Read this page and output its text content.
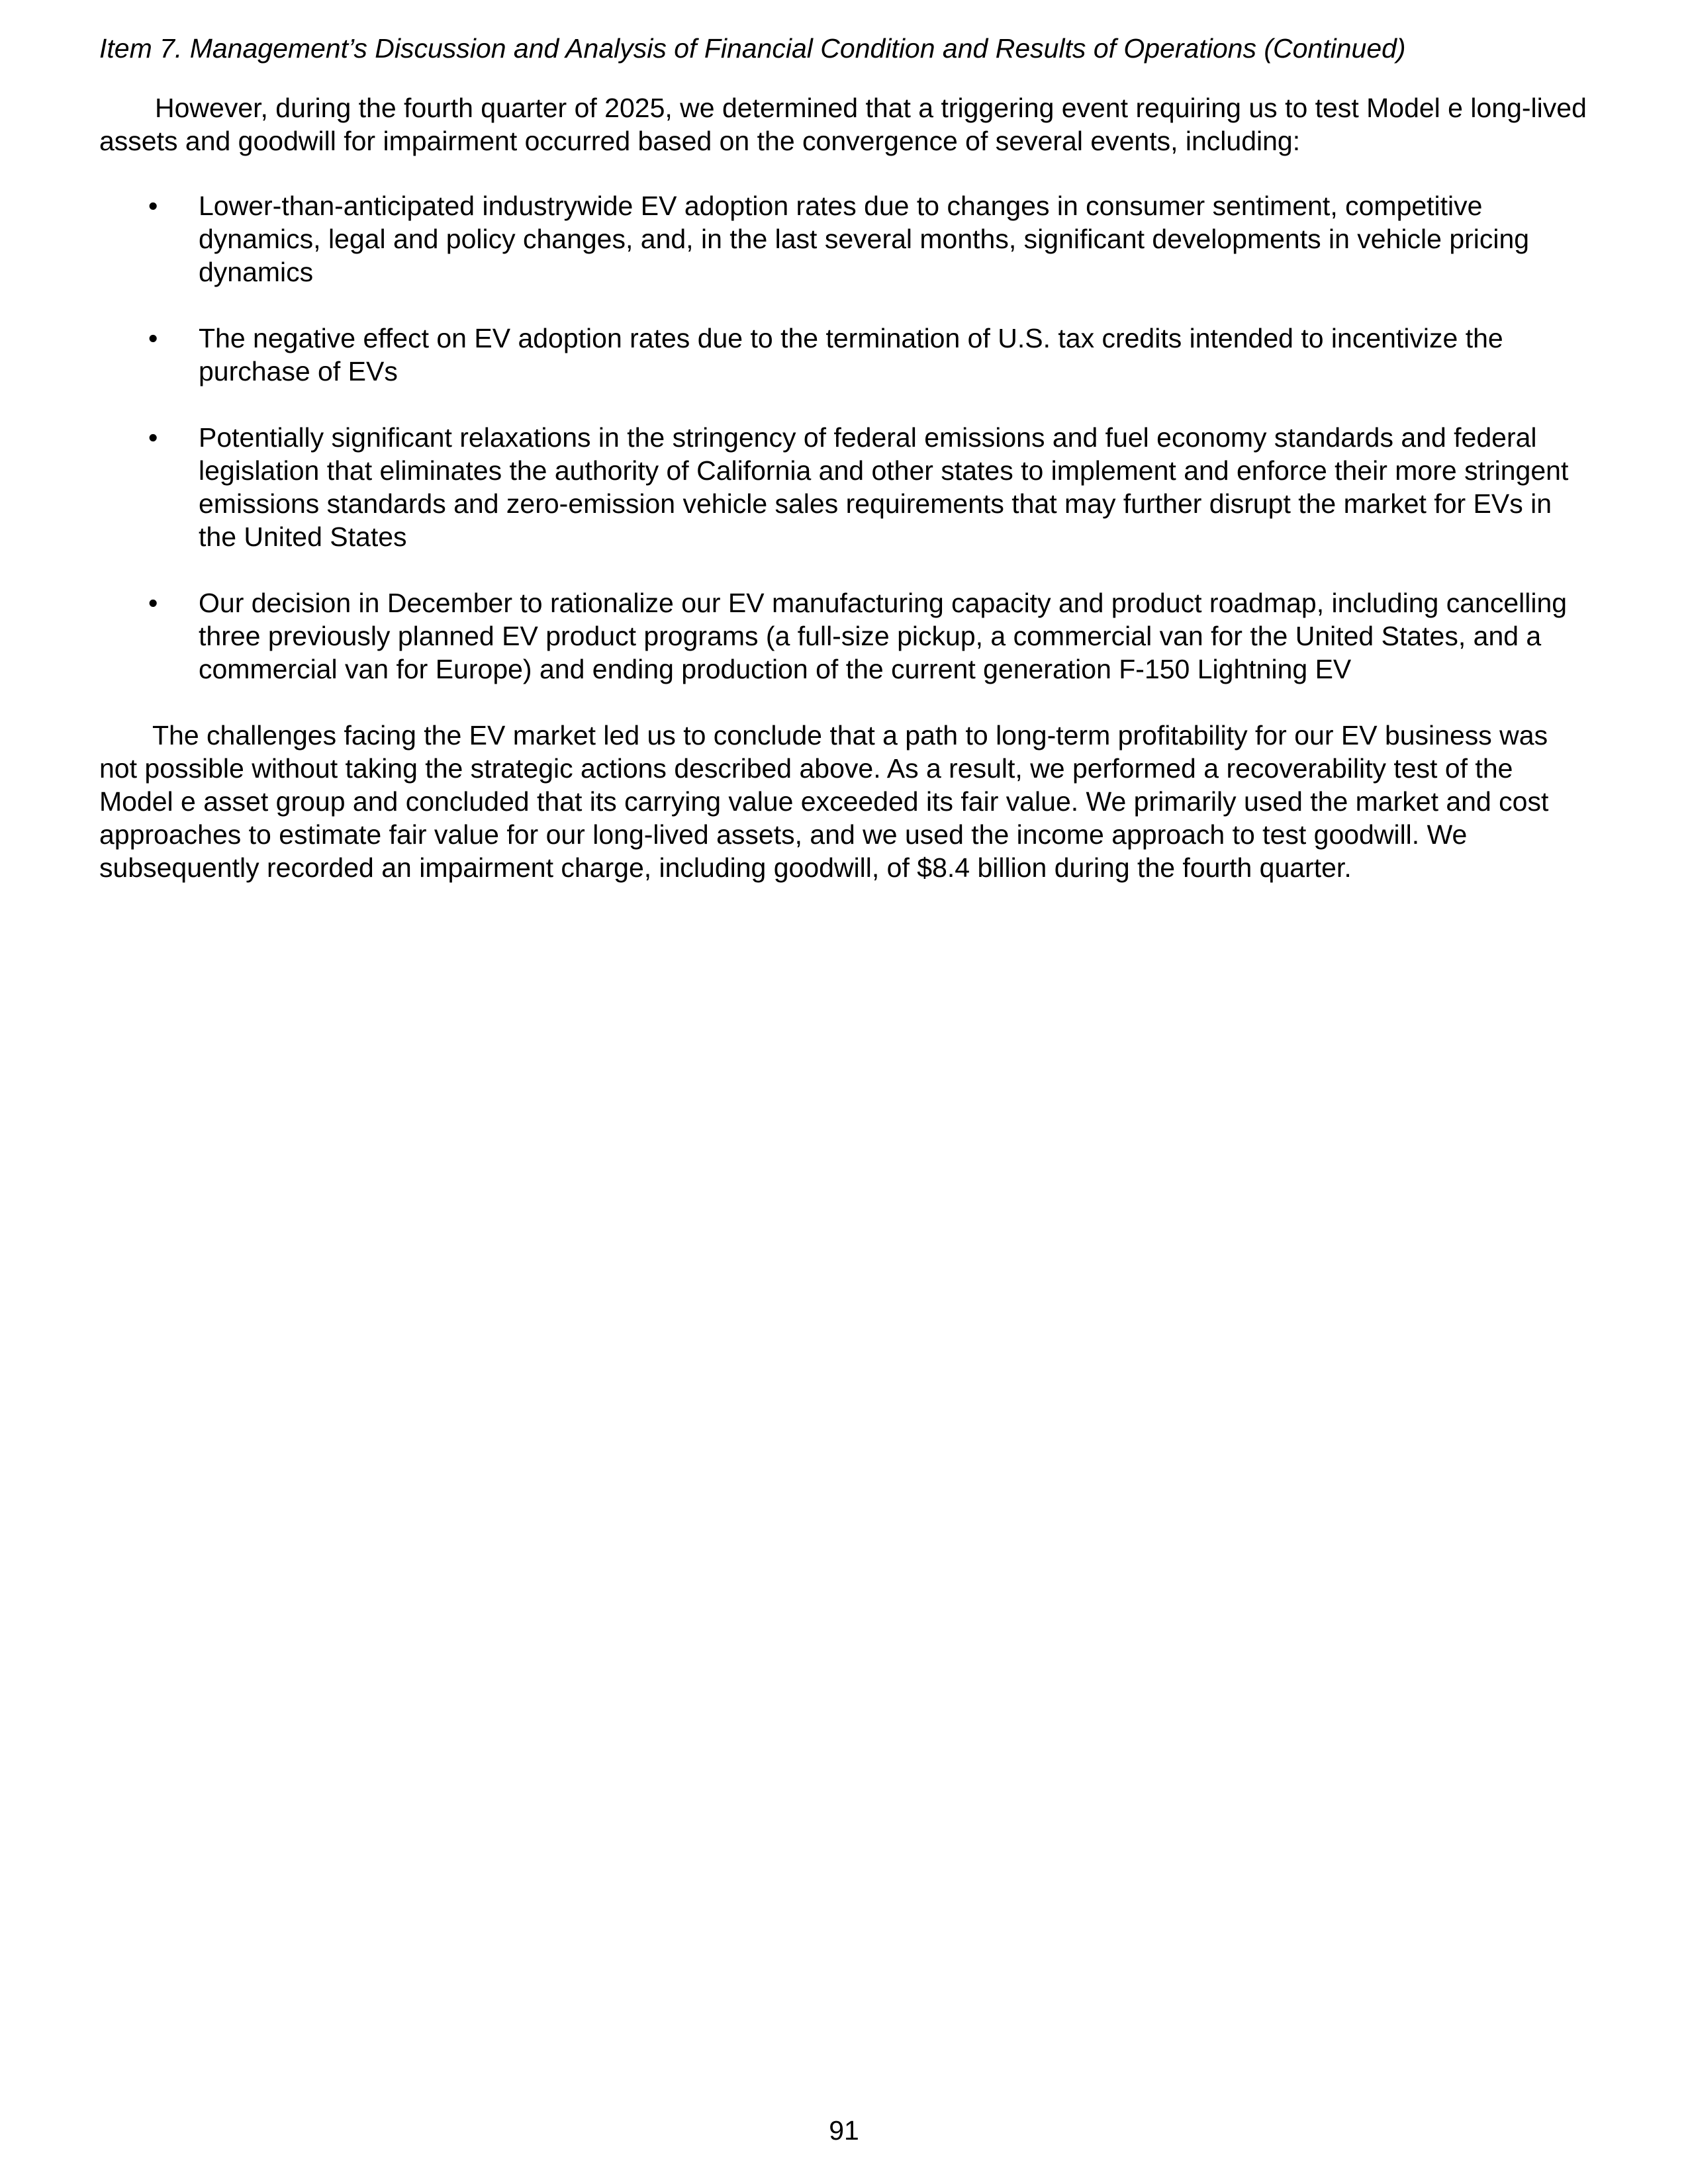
Item 7. Management’s Discussion and Analysis of Financial Condition and Results of Operations (Continued)

However, during the fourth quarter of 2025, we determined that a triggering event requiring us to test Model e long-lived assets and goodwill for impairment occurred based on the convergence of several events, including:

• Lower-than-anticipated industrywide EV adoption rates due to changes in consumer sentiment, competitive dynamics, legal and policy changes, and, in the last several months, significant developments in vehicle pricing dynamics
• The negative effect on EV adoption rates due to the termination of U.S. tax credits intended to incentivize the purchase of EVs
• Potentially significant relaxations in the stringency of federal emissions and fuel economy standards and federal legislation that eliminates the authority of California and other states to implement and enforce their more stringent emissions standards and zero-emission vehicle sales requirements that may further disrupt the market for EVs in the United States
• Our decision in December to rationalize our EV manufacturing capacity and product roadmap, including cancelling three previously planned EV product programs (a full-size pickup, a commercial van for the United States, and a commercial van for Europe) and ending production of the current generation F-150 Lightning EV

The challenges facing the EV market led us to conclude that a path to long-term profitability for our EV business was not possible without taking the strategic actions described above. As a result, we performed a recoverability test of the Model e asset group and concluded that its carrying value exceeded its fair value. We primarily used the market and cost approaches to estimate fair value for our long-lived assets, and we used the income approach to test goodwill. We subsequently recorded an impairment charge, including goodwill, of $8.4 billion during the fourth quarter.

91
